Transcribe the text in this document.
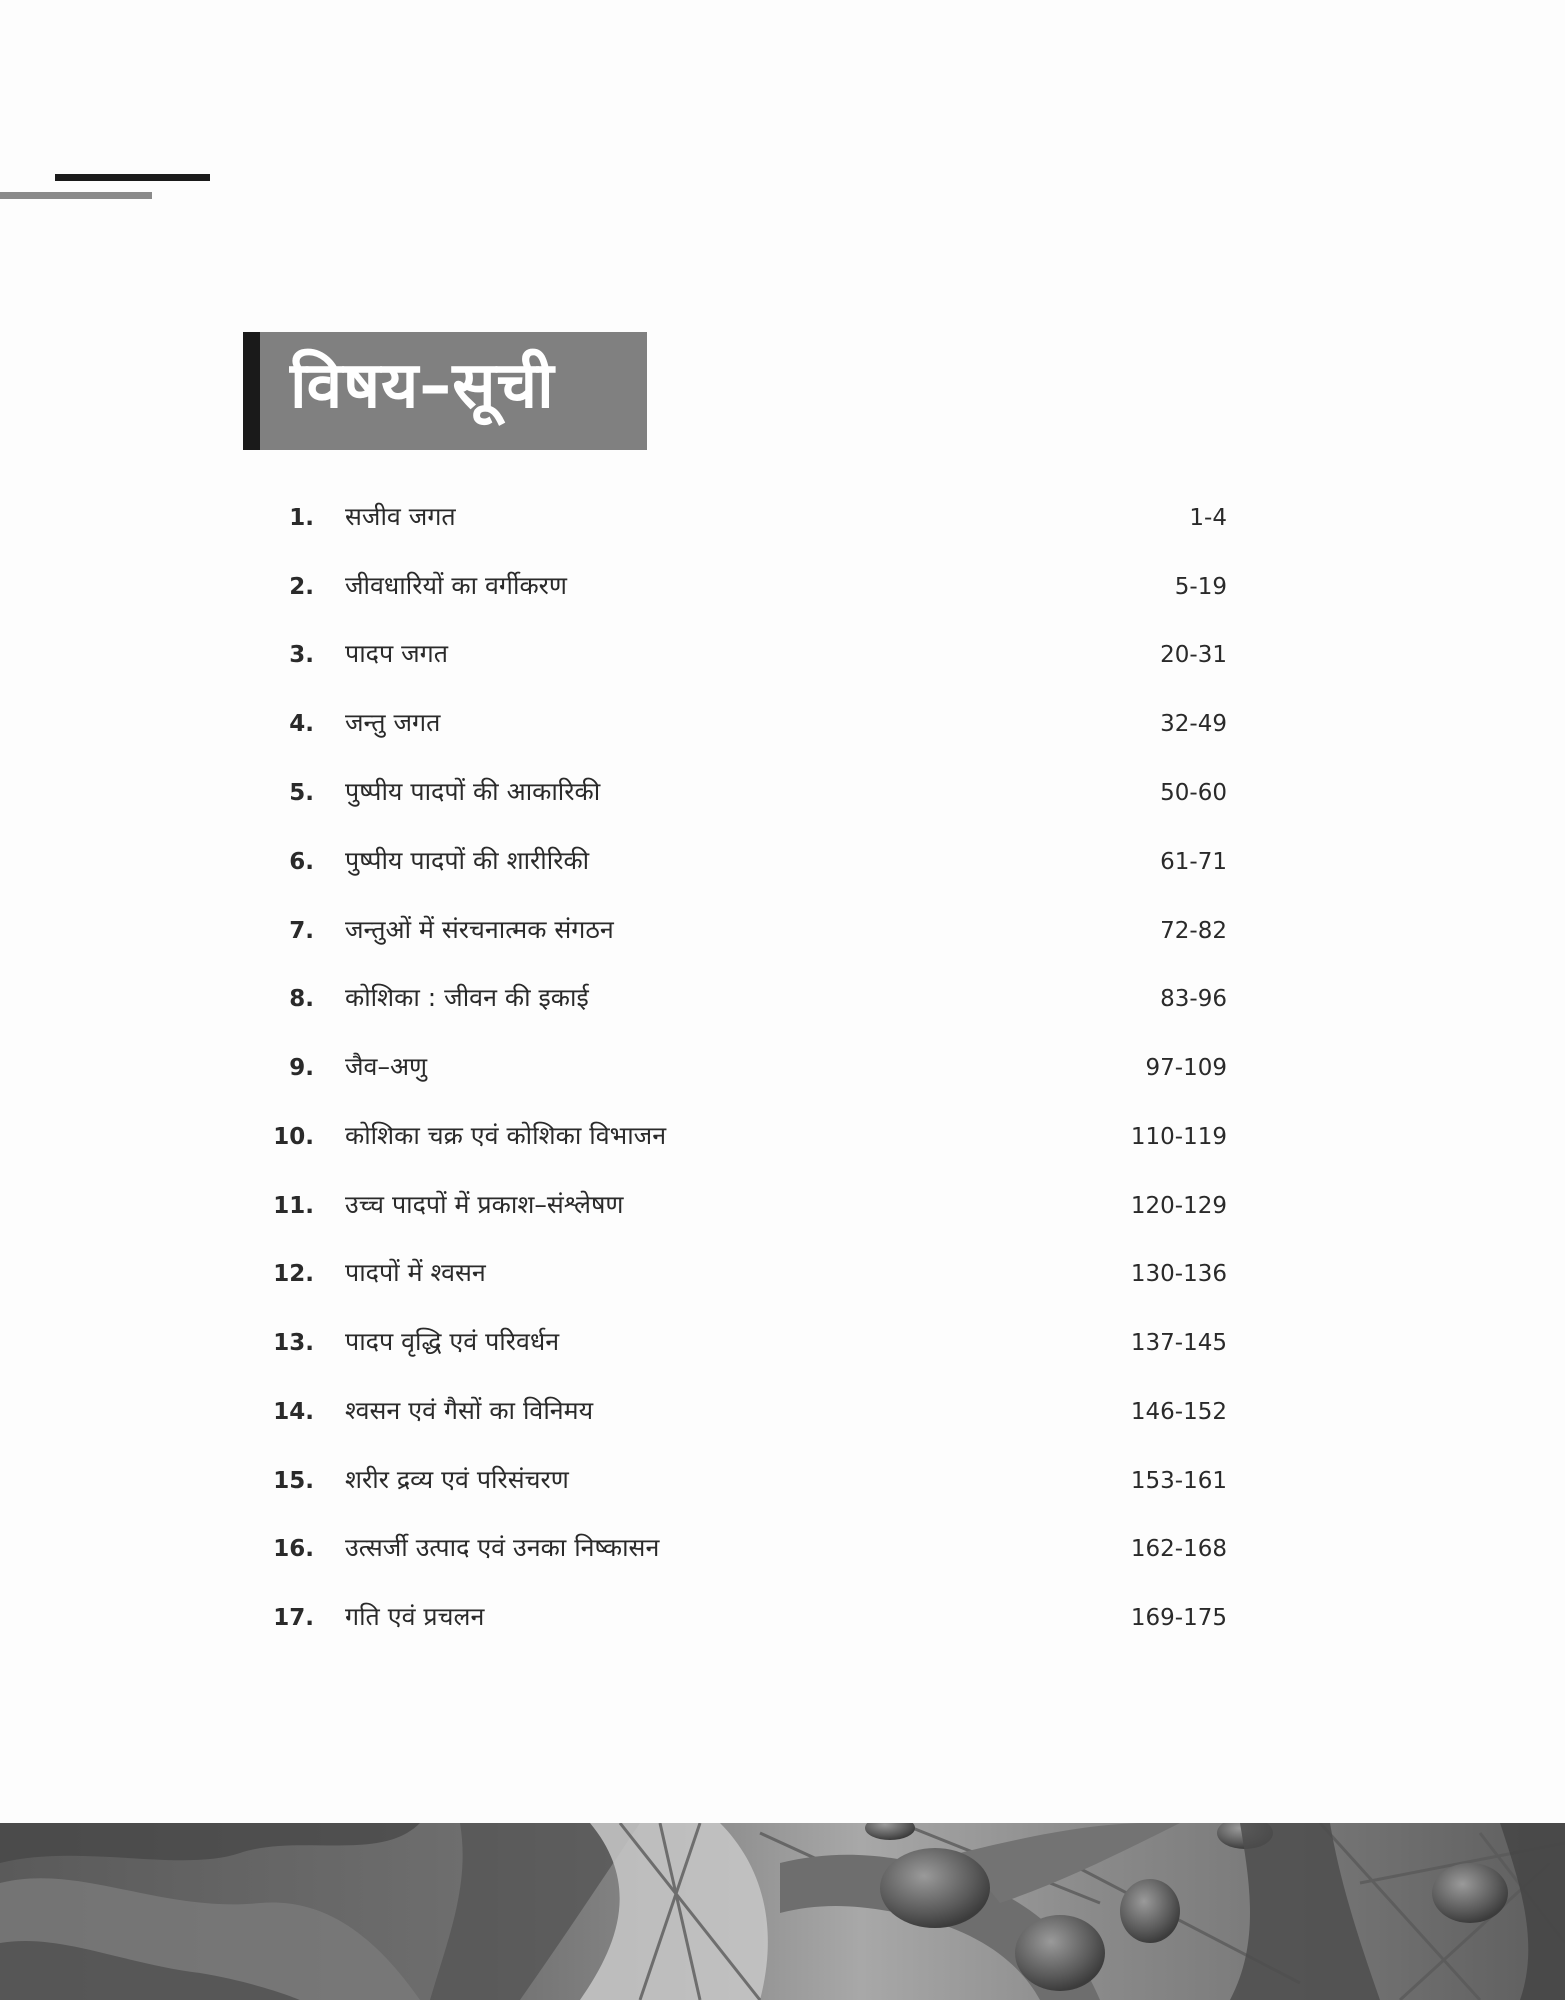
विषय–सूची
1. सजीव जगत	1-4
2. जीवधारियों का वर्गीकरण	5-19
3. पादप जगत	20-31
4. जन्तु जगत	32-49
5. पुष्पीय पादपों की आकारिकी	50-60
6. पुष्पीय पादपों की शारीरिकी	61-71
7. जन्तुओं में संरचनात्मक संगठन	72-82
8. कोशिका : जीवन की इकाई	83-96
9. जैव–अणु	97-109
10. कोशिका चक्र एवं कोशिका विभाजन	110-119
11. उच्च पादपों में प्रकाश–संश्लेषण	120-129
12. पादपों में श्वसन	130-136
13. पादप वृद्धि एवं परिवर्धन	137-145
14. श्वसन एवं गैसों का विनिमय	146-152
15. शरीर द्रव्य एवं परिसंचरण	153-161
16. उत्सर्जी उत्पाद एवं उनका निष्कासन	162-168
17. गति एवं प्रचलन	169-175
